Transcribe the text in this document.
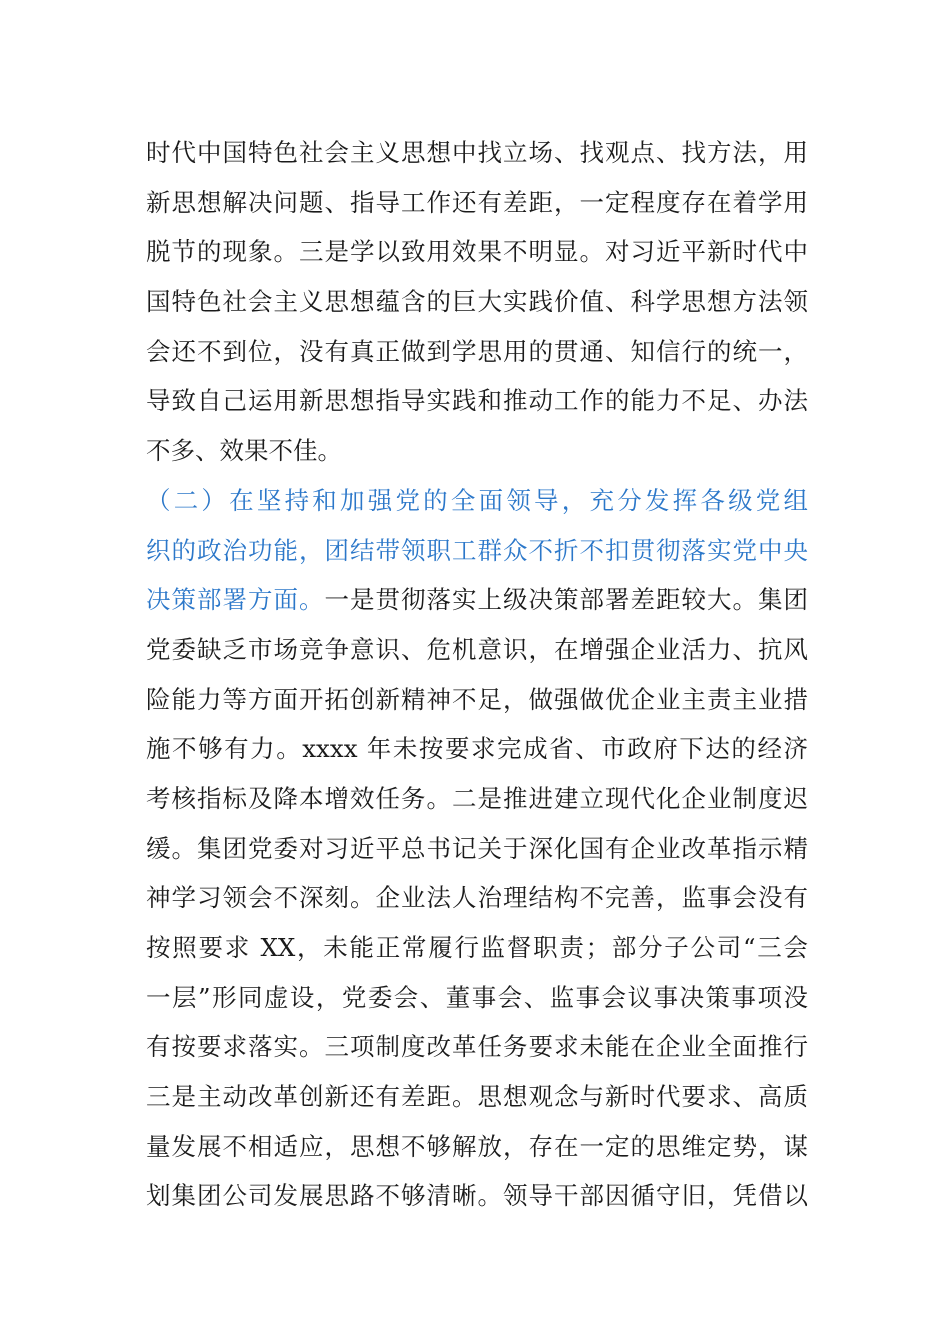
时代中国特色社会主义思想中找立场、找观点、找方法，用
新思想解决问题、指导工作还有差距，一定程度存在着学用
脱节的现象。三是学以致用效果不明显。对习近平新时代中
国特色社会主义思想蕴含的巨大实践价值、科学思想方法领
会还不到位，没有真正做到学思用的贯通、知信行的统一，
导致自己运用新思想指导实践和推动工作的能力不足、办法
不多、效果不佳。
（二）在坚持和加强党的全面领导，充分发挥各级党组
织的政治功能，团结带领职工群众不折不扣贯彻落实党中央
决策部署方面。一是贯彻落实上级决策部署差距较大。集团
党委缺乏市场竞争意识、危机意识，在增强企业活力、抗风
险能力等方面开拓创新精神不足，做强做优企业主责主业措
施不够有力。xxxx 年未按要求完成省、市政府下达的经济
考核指标及降本增效任务。二是推进建立现代化企业制度迟
缓。集团党委对习近平总书记关于深化国有企业改革指示精
神学习领会不深刻。企业法人治理结构不完善，监事会没有
按照要求 XX，未能正常履行监督职责；部分子公司“三会
一层”形同虚设，党委会、董事会、监事会议事决策事项没
有按要求落实。三项制度改革任务要求未能在企业全面推行
三是主动改革创新还有差距。思想观念与新时代要求、高质
量发展不相适应，思想不够解放，存在一定的思维定势，谋
划集团公司发展思路不够清晰。领导干部因循守旧，凭借以
